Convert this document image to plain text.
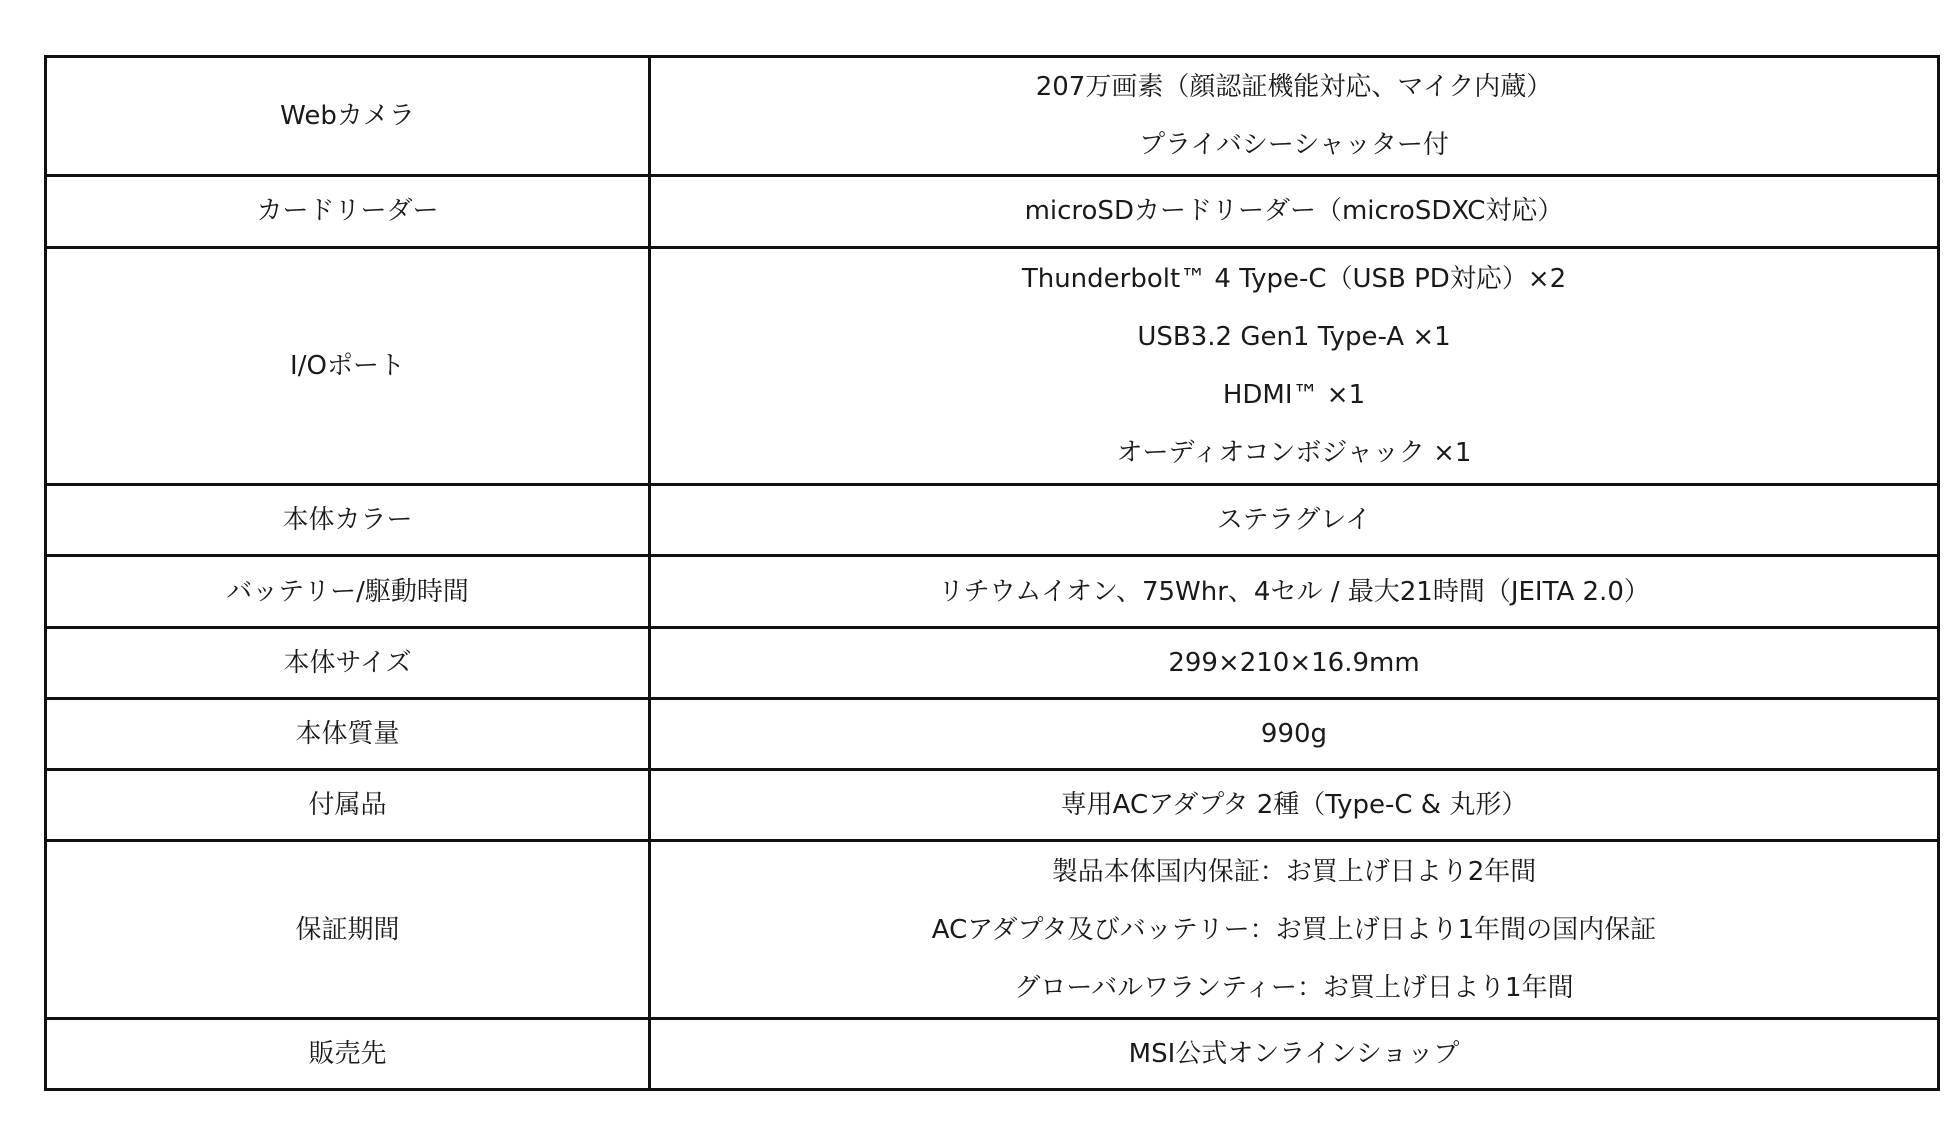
Webカメラ	207万画素（顔認証機能対応、マイク内蔵）
プライバシーシャッター付

カードリーダー	microSDカードリーダー（microSDXC対応）

I/Oポート	Thunderbolt™ 4 Type-C（USB PD対応）×2
USB3.2 Gen1 Type-A ×1
HDMI™ ×1
オーディオコンボジャック ×1

本体カラー	ステラグレイ

バッテリー/駆動時間	リチウムイオン、75Whr、4セル / 最大21時間（JEITA 2.0）

本体サイズ	299×210×16.9mm

本体質量	990g

付属品	専用ACアダプタ 2種（Type-C & 丸形）

保証期間	製品本体国内保証：お買上げ日より2年間
ACアダプタ及びバッテリー：お買上げ日より1年間の国内保証
グローバルワランティー：お買上げ日より1年間

販売先	MSI公式オンラインショップ
